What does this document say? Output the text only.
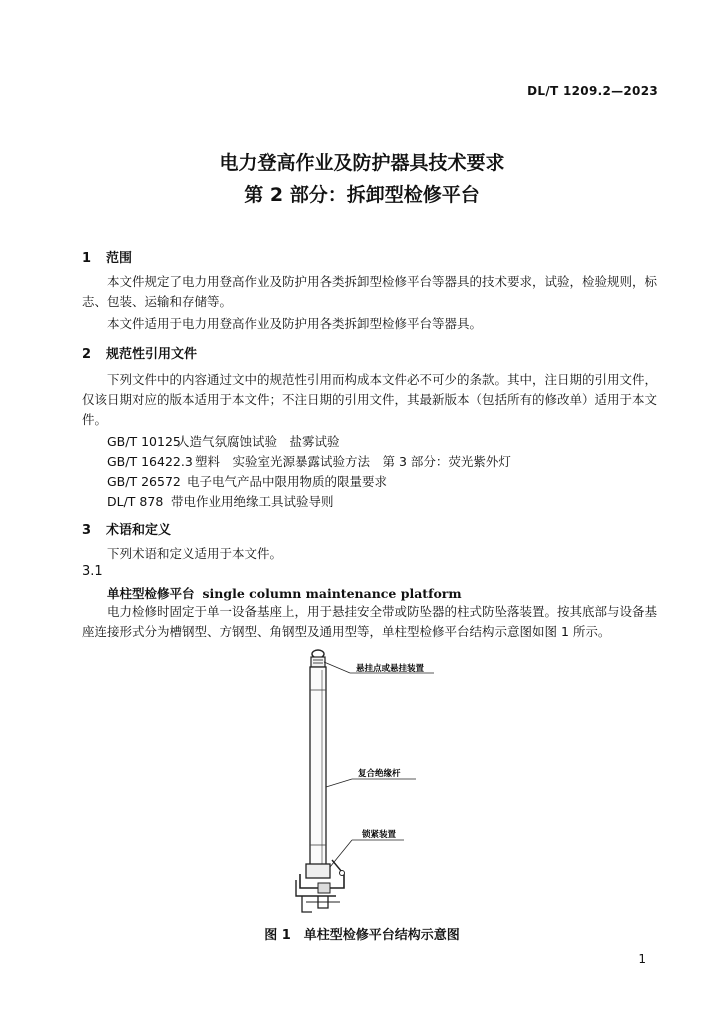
DL/T 1209.2—2023
电力登高作业及防护器具技术要求
第 2 部分：拆卸型检修平台
1 范围
本文件规定了电力用登高作业及防护用各类拆卸型检修平台等器具的技术要求，试验，检验规则，标志、包装、运输和存储等。
本文件适用于电力用登高作业及防护用各类拆卸型检修平台等器具。
2 规范性引用文件
下列文件中的内容通过文中的规范性引用而构成本文件必不可少的条款。其中，注日期的引用文件，仅该日期对应的版本适用于本文件；不注日期的引用文件，其最新版本（包括所有的修改单）适用于本文件。
GB/T 10125人造气氛腐蚀试验　盐雾试验
GB/T 16422.3 塑料　实验室光源暴露试验方法　第 3 部分：荧光紫外灯
GB/T 26572 电子电气产品中限用物质的限量要求
DL/T 878 带电作业用绝缘工具试验导则
3 术语和定义
下列术语和定义适用于本文件。
3.1
单柱型检修平台 single column maintenance platform
电力检修时固定于单一设备基座上，用于悬挂安全带或防坠器的柱式防坠落装置。按其底部与设备基座连接形式分为槽钢型、方钢型、角钢型及通用型等，单柱型检修平台结构示意图如图 1 所示。
悬挂点或悬挂装置
复合绝缘杆
锁紧装置
图 1　单柱型检修平台结构示意图
1
